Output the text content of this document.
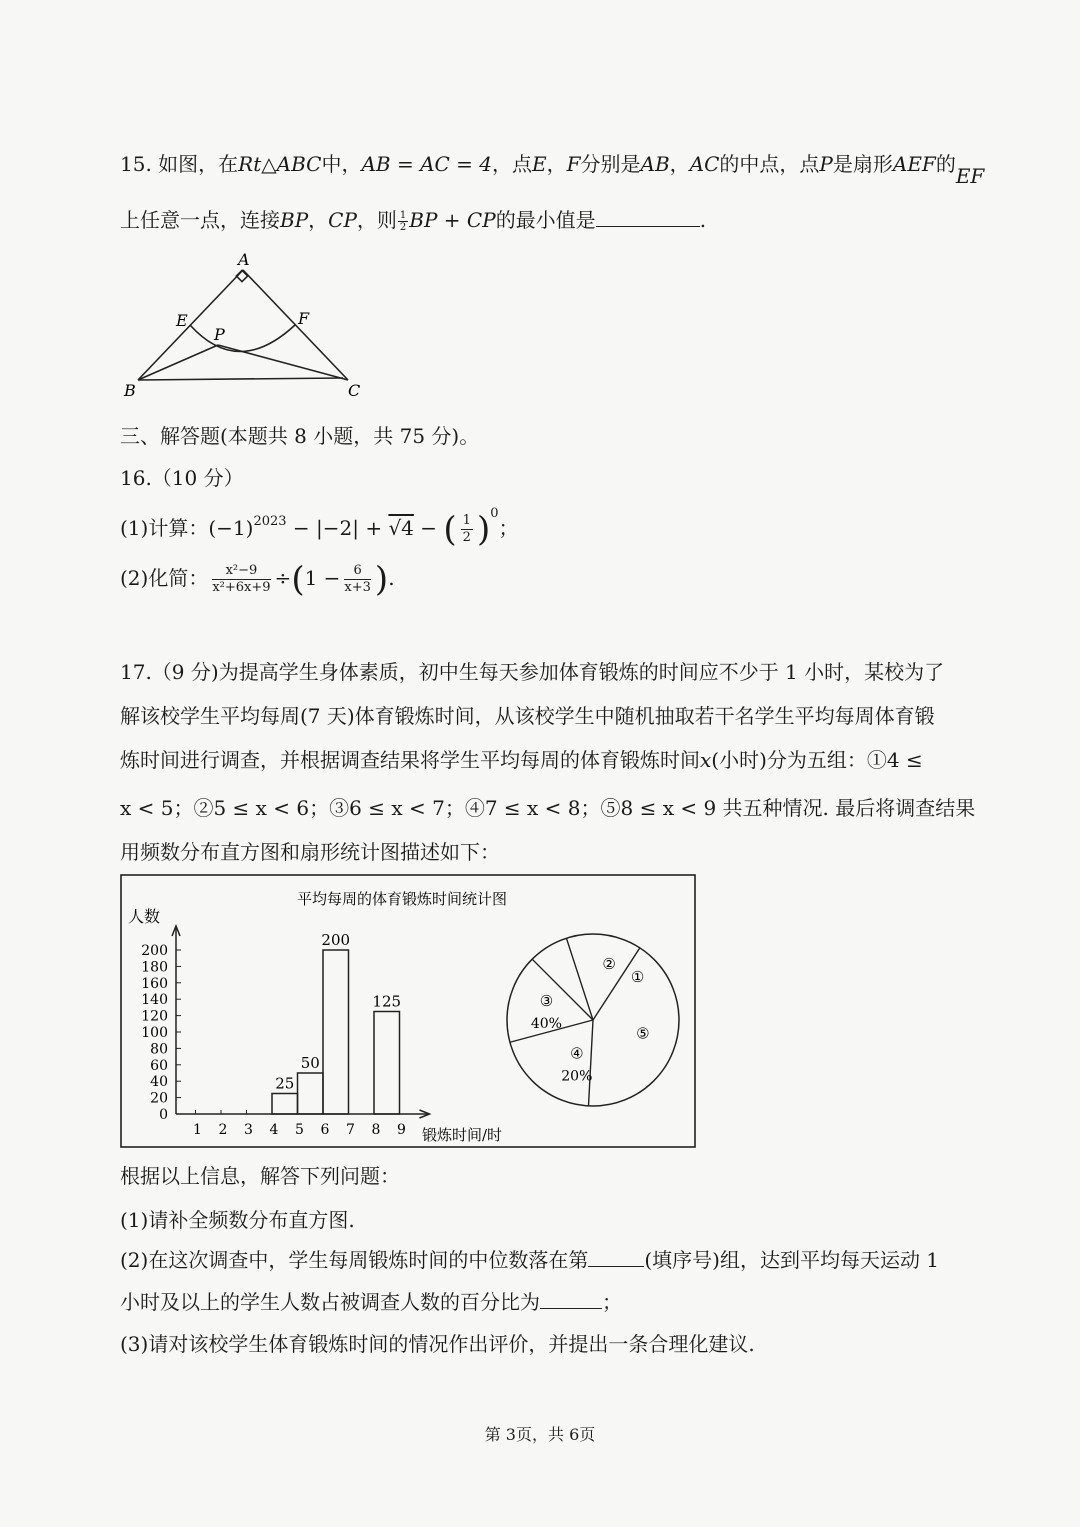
15. 如图，在Rt△ABC中，AB = AC = 4，点E，F分别是AB，AC的中点，点P是扇形AEF的EF
上任意一点，连接BP，CP，则 $\frac{1}{2}$ BP + CP的最小值是	.
A
B	C
E	F
P
三、解答题(本题共 8 小题，共 75 分)。
16.（10 分）
(1)计算：$(-1)^{2023} - |-2| + √4$ − ( $\frac{1}{2} )^0$；
(2)化简： $\frac{\text{x²−9}}{\text{x²+6x+9}} \div(1 - \frac{6}{x+3}$ ).
17.（9 分)为提高学生身体素质，初中生每天参加体育锻炼的时间应不少于 1 小时，某校为了
解该校学生平均每周(7 天)体育锻炼时间，从该校学生中随机抽取若干名学生平均每周体育锻
炼时间进行调查，并根据调查结果将学生平均每周的体育锻炼时间x(小时)分为五组：①4 ≤
x < 5；②5 ≤ x < 6；③6 ≤ x < 7；④7 ≤ x < 8；⑤8 ≤ x < 9 共五种情况. 最后将调查结果
用频数分布直方图和扇形统计图描述如下：
平均每周的体育锻炼时间统计图
人数
锻炼时间/时
0
20
40
60
80
100
120
140
160
180
200
1 2 3 4 5 6 7 8 9
25
50
200
125
①
②
③
40%
④
20%
⑤
根据以上信息，解答下列问题：
(1)请补全频数分布直方图.
(2)在这次调查中，学生每周锻炼时间的中位数落在第	(填序号)组，达到平均每天运动 1
小时及以上的学生人数占被调查人数的百分比为	；
(3)请对该校学生体育锻炼时间的情况作出评价，并提出一条合理化建议.
第 3页，共 6页
